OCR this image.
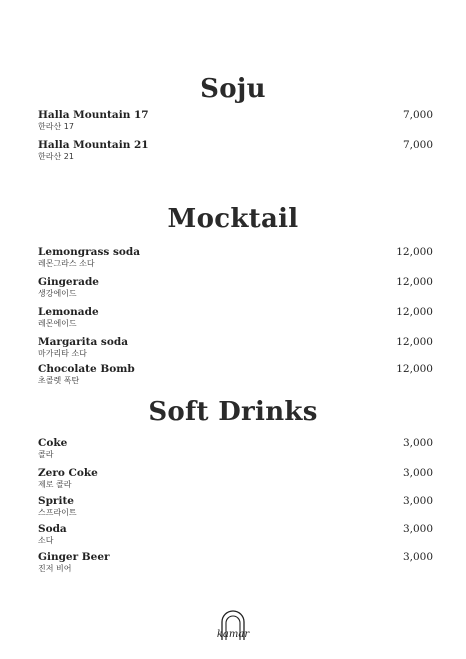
Soju
Halla Mountain 17
한라산 17
7,000
Halla Mountain 21
한라산 21
7,000
Mocktail
Lemongrass soda
레몬그라스 소다
12,000
Gingerade
생강에이드
12,000
Lemonade
레몬에이드
12,000
Margarita soda
마가리타 소다
12,000
Chocolate Bomb
초콜렛 폭탄
12,000
Soft Drinks
Coke
콜라
3,000
Zero Coke
제로 콜라
3,000
Sprite
스프라이트
3,000
Soda
소다
3,000
Ginger Beer
진저 비어
3,000
kamar
